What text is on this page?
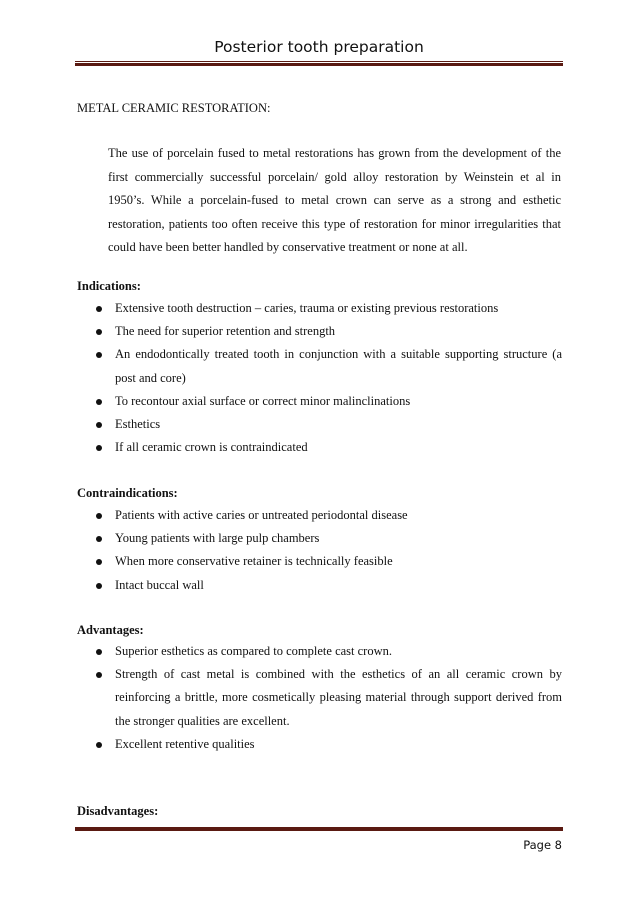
Posterior tooth preparation
METAL CERAMIC RESTORATION:

The use of porcelain fused to metal restorations has grown from the development of the first commercially successful porcelain/ gold alloy restoration by Weinstein et al in 1950’s. While a porcelain-fused to metal crown can serve as a strong and esthetic restoration, patients too often receive this type of restoration for minor irregularities that could have been better handled by conservative treatment or none at all.

Indications:
Extensive tooth destruction – caries, trauma or existing previous restorations
The need for superior retention and strength
An endodontically treated tooth in conjunction with a suitable supporting structure (a post and core)
To recontour axial surface or correct minor malinclinations
Esthetics
If all ceramic crown is contraindicated
Contraindications:
Patients with active caries or untreated periodontal disease
Young patients with large pulp chambers
When more conservative retainer is technically feasible
Intact buccal wall
Advantages:
Superior esthetics as compared to complete cast crown.
Strength of cast metal is combined with the esthetics of an all ceramic crown by reinforcing a brittle, more cosmetically pleasing material through support derived from the stronger qualities are excellent.
Excellent retentive qualities
Disadvantages:
Page 8
